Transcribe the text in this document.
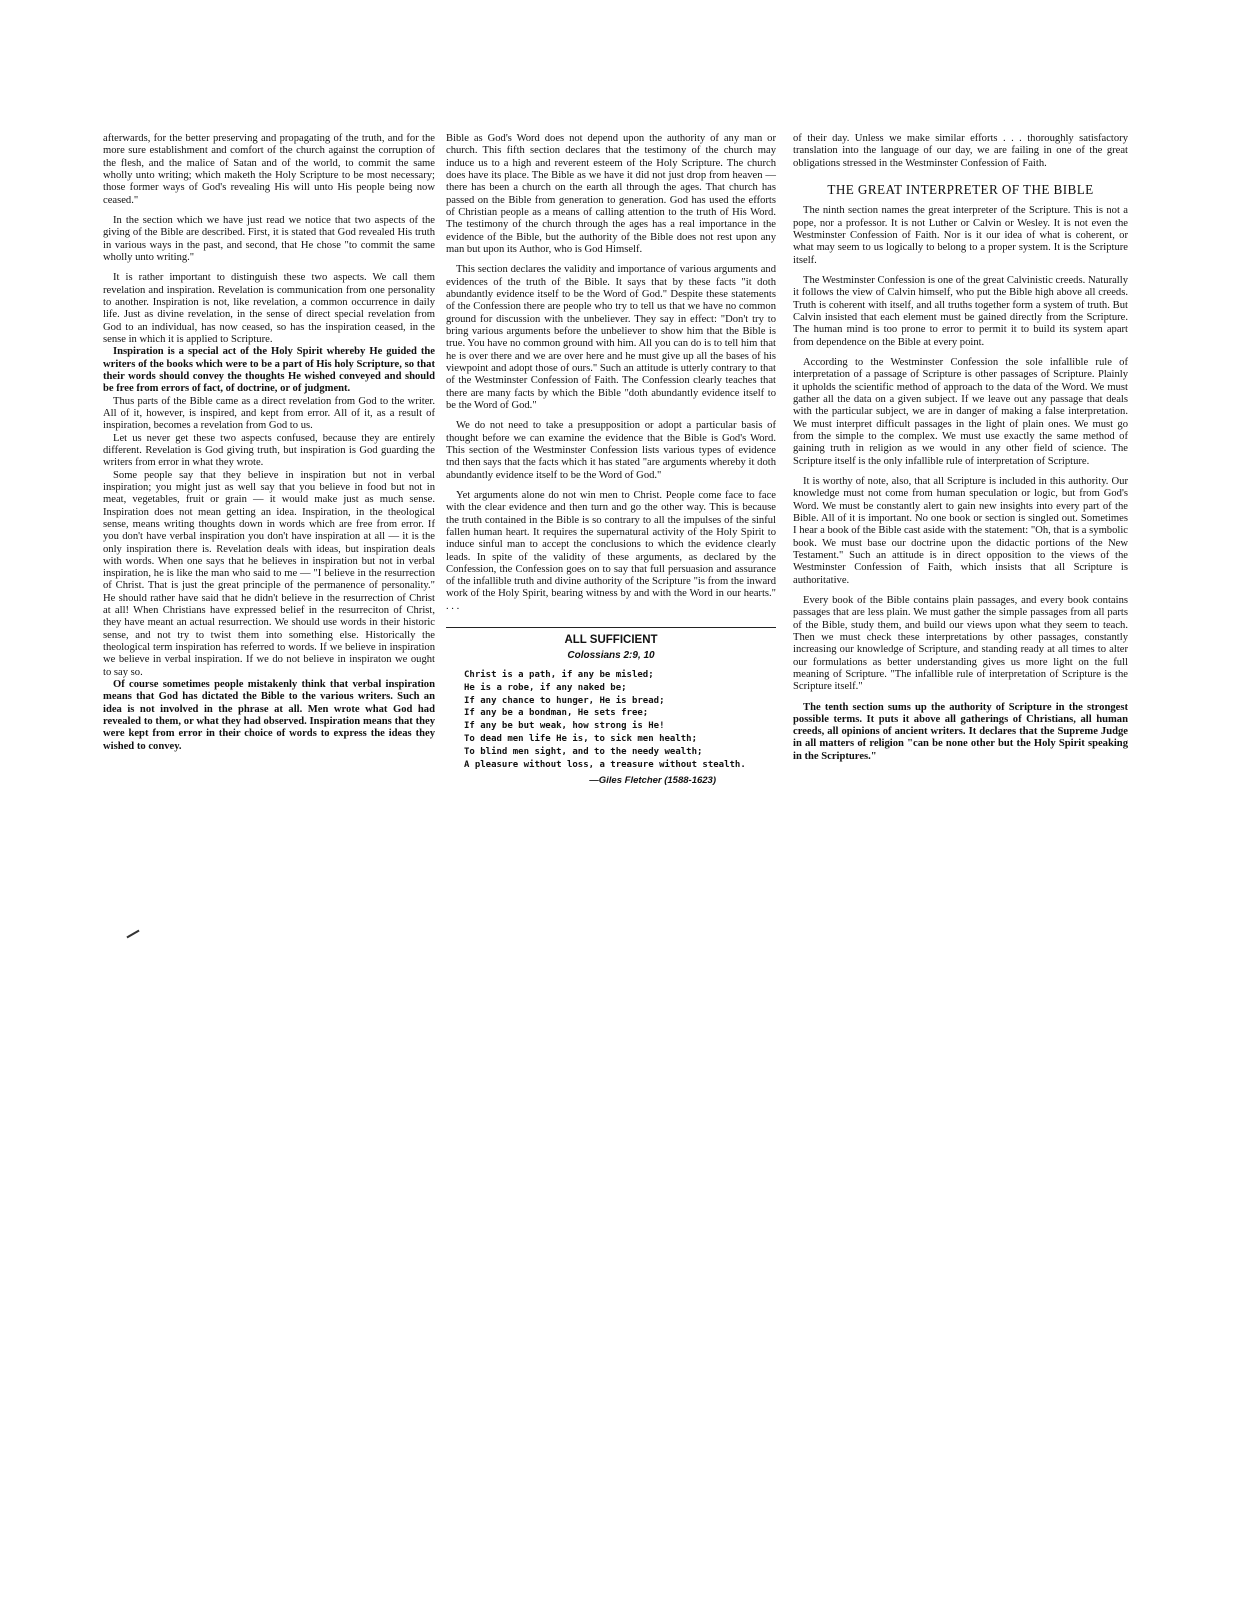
afterwards, for the better preserving and propagating of the truth, and for the more sure establishment and comfort of the church against the corruption of the flesh, and the malice of Satan and of the world, to commit the same wholly unto writing; which maketh the Holy Scripture to be most necessary; those former ways of God's revealing His will unto His people being now ceased."

In the section which we have just read we notice that two aspects of the giving of the Bible are described. First, it is stated that God revealed His truth in various ways in the past, and second, that He chose "to commit the same wholly unto writing."

It is rather important to distinguish these two aspects. We call them revelation and inspiration. Revelation is communication from one personality to another. Inspiration is not, like revelation, a common occurrence in daily life. Just as divine revelation, in the sense of direct special revelation from God to an individual, has now ceased, so has the inspiration ceased, in the sense in which it is applied to Scripture.

Inspiration is a special act of the Holy Spirit whereby He guided the writers of the books which were to be a part of His holy Scripture, so that their words should convey the thoughts He wished conveyed and should be free from errors of fact, of doctrine, or of judgment.

Thus parts of the Bible came as a direct revelation from God to the writer. All of it, however, is inspired, and kept from error. All of it, as a result of inspiration, becomes a revelation from God to us.

Let us never get these two aspects confused, because they are entirely different. Revelation is God giving truth, but inspiration is God guarding the writers from error in what they wrote.

Some people say that they believe in inspiration but not in verbal inspiration; you might just as well say that you believe in food but not in meat, vegetables, fruit or grain — it would make just as much sense. Inspiration does not mean getting an idea. Inspiration, in the theological sense, means writing thoughts down in words which are free from error. If you don't have verbal inspiration you don't have inspiration at all — it is the only inspiration there is. Revelation deals with ideas, but inspiration deals with words. When one says that he believes in inspiration but not in verbal inspiration, he is like the man who said to me — "I believe in the resurrection of Christ. That is just the great principle of the permanence of personality." He should rather have said that he didn't believe in the resurrection of Christ at all! When Christians have expressed belief in the resurreciton of Christ, they have meant an actual resurrection. We should use words in their historic sense, and not try to twist them into something else. Historically the theological term inspiration has referred to words. If we believe in inspiration we believe in verbal inspiration. If we do not believe in inspiraton we ought to say so.

Of course sometimes people mistakenly think that verbal inspiration means that God has dictated the Bible to the various writers. Such an idea is not involved in the phrase at all. Men wrote what God had revealed to them, or what they had observed. Inspiration means that they were kept from error in their choice of words to express the ideas they wished to convey.

Bible as God's Word does not depend upon the authority of any man or church. This fifth section declares that the testimony of the church may induce us to a high and reverent esteem of the Holy Scripture. The church does have its place. The Bible as we have it did not just drop from heaven — there has been a church on the earth all through the ages. That church has passed on the Bible from generation to generation. God has used the efforts of Christian people as a means of calling attention to the truth of His Word. The testimony of the church through the ages has a real importance in the evidence of the Bible, but the authority of the Bible does not rest upon any man but upon its Author, who is God Himself.

This section declares the validity and importance of various arguments and evidences of the truth of the Bible. It says that by these facts "it doth abundantly evidence itself to be the Word of God." Despite these statements of the Confession there are people who try to tell us that we have no common ground for discussion with the unbeliever. They say in effect: "Don't try to bring various arguments before the unbeliever to show him that the Bible is true. You have no common ground with him. All you can do is to tell him that he is over there and we are over here and he must give up all the bases of his viewpoint and adopt those of ours." Such an attitude is utterly contrary to that of the Westminster Confession of Faith. The Confession clearly teaches that there are many facts by which the Bible "doth abundantly evidence itself to be the Word of God."

We do not need to take a presupposition or adopt a particular basis of thought before we can examine the evidence that the Bible is God's Word. This section of the Westminster Confession lists various types of evidence tnd then says that the facts which it has stated "are arguments whereby it doth abundantly evidence itself to be the Word of God."

Yet arguments alone do not win men to Christ. People come face to face with the clear evidence and then turn and go the other way. This is because the truth contained in the Bible is so contrary to all the impulses of the sinful fallen human heart. It requires the supernatural activity of the Holy Spirit to induce sinful man to accept the conclusions to which the evidence clearly leads. In spite of the validity of these arguments, as declared by the Confession, the Confession goes on to say that full persuasion and assurance of the infallible truth and divine authority of the Scripture "is from the inward work of the Holy Spirit, bearing witness by and with the Word in our hearts." . . .

ALL SUFFICIENT
Colossians 2:9, 10
Christ is a path, if any be misled;
He is a robe, if any naked be;
If any chance to hunger, He is bread;
If any be a bondman, He sets free;
If any be but weak, how strong is He!
To dead men life He is, to sick men health;
To blind men sight, and to the needy wealth;
A pleasure without loss, a treasure without stealth.
—Giles Fletcher (1588-1623)

of their day. Unless we make similar efforts . . . thoroughly satisfactory translation into the language of our day, we are failing in one of the great obligations stressed in the Westminster Confession of Faith.

THE GREAT INTERPRETER OF THE BIBLE

The ninth section names the great interpreter of the Scripture. This is not a pope, nor a professor. It is not Luther or Calvin or Wesley. It is not even the Westminster Confession of Faith. Nor is it our idea of what is coherent, or what may seem to us logically to belong to a proper system. It is the Scripture itself.

The Westminster Confession is one of the great Calvinistic creeds. Naturally it follows the view of Calvin himself, who put the Bible high above all creeds. Truth is coherent with itself, and all truths together form a system of truth. But Calvin insisted that each element must be gained directly from the Scripture. The human mind is too prone to error to permit it to build its system apart from dependence on the Bible at every point.

According to the Westminster Confession the sole infallible rule of interpretation of a passage of Scripture is other passages of Scripture. Plainly it upholds the scientific method of approach to the data of the Word. We must gather all the data on a given subject. If we leave out any passage that deals with the particular subject, we are in danger of making a false interpretation. We must interpret difficult passages in the light of plain ones. We must go from the simple to the complex. We must use exactly the same method of gaining truth in religion as we would in any other field of science. The Scripture itself is the only infallible rule of interpretation of Scripture.

It is worthy of note, also, that all Scripture is included in this authority. Our knowledge must not come from human speculation or logic, but from God's Word. We must be constantly alert to gain new insights into every part of the Bible. All of it is important. No one book or section is singled out. Sometimes I hear a book of the Bible cast aside with the statement: "Oh, that is a symbolic book. We must base our doctrine upon the didactic portions of the New Testament." Such an attitude is in direct opposition to the views of the Westminster Confession of Faith, which insists that all Scripture is authoritative.

Every book of the Bible contains plain passages, and every book contains passages that are less plain. We must gather the simple passages from all parts of the Bible, study them, and build our views upon what they seem to teach. Then we must check these interpretations by other passages, constantly increasing our knowledge of Scripture, and standing ready at all times to alter our formulations as better understanding gives us more light on the full meaning of Scripture. "The infallible rule of interpretation of Scripture is the Scripture itself."

The tenth section sums up the authority of Scripture in the strongest possible terms. It puts it above all gatherings of Christians, all human creeds, all opinions of ancient writers. It declares that the Supreme Judge in all matters of religion "can be none other but the Holy Spirit speaking in the Scriptures."
